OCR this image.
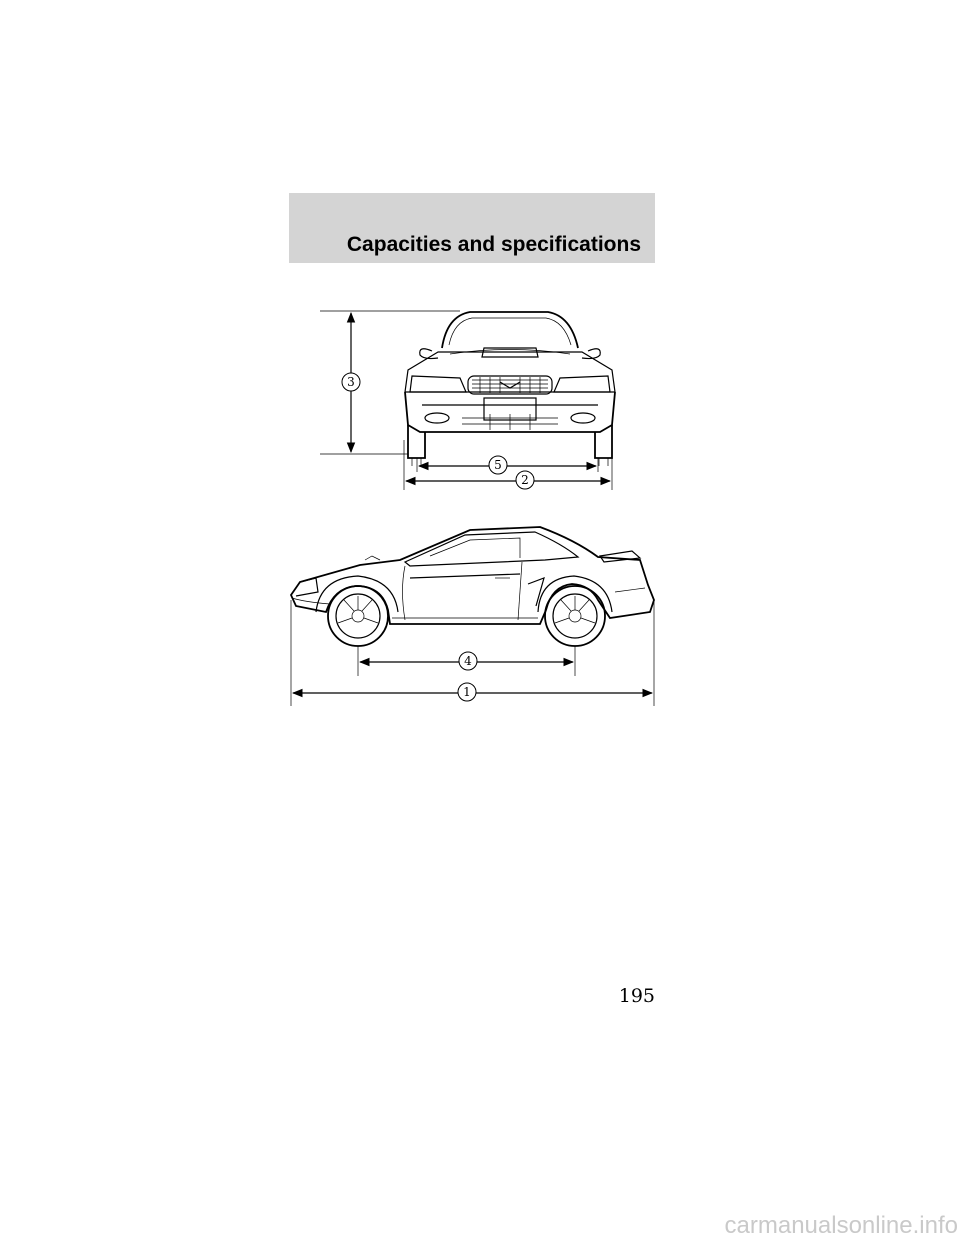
Capacities and specifications
3
5
2
4
1
195
carmanualsonline.info
